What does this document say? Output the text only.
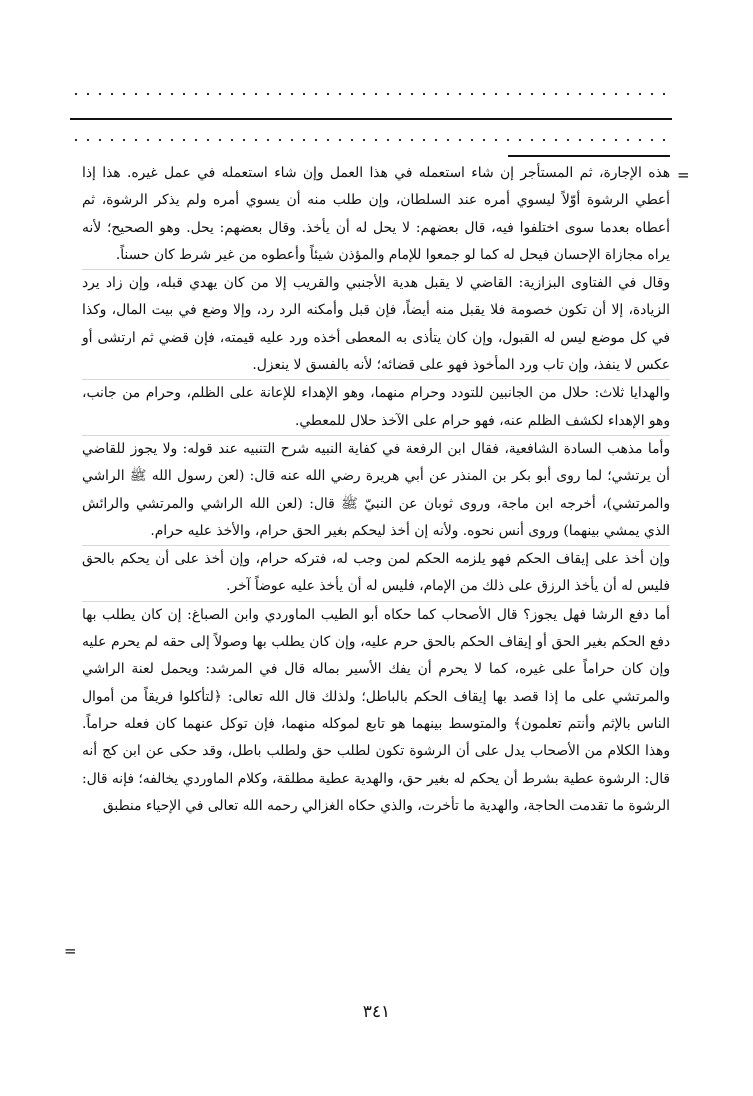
=

هذه الإجارة، ثم المستأجر إن شاء استعمله في هذا العمل وإن شاء استعمله في عمل غيره. هذا إذا أعطي الرشوة أوّلاً ليسوي أمره عند السلطان، وإن طلب منه أن يسوي أمره ولم يذكر الرشوة، ثم أعطاه بعدما سوى اختلفوا فيه، قال بعضهم: لا يحل له أن يأخذ. وقال بعضهم: يحل. وهو الصحيح؛ لأنه يراه مجازاة الإحسان فيحل له كما لو جمعوا للإمام والمؤذن شيئاً وأعطوه من غير شرط كان حسناً.

وقال في الفتاوى البزازية: القاضي لا يقبل هدية الأجنبي والقريب إلا من كان يهدي قبله، وإن زاد يرد الزيادة، إلا أن تكون خصومة فلا يقبل منه أيضاً، فإن قبل وأمكنه الرد رد، وإلا وضع في بيت المال، وكذا في كل موضع ليس له القبول، وإن كان يتأذى به المعطى أخذه ورد عليه قيمته، فإن قضي ثم ارتشى أو عكس لا ينفذ، وإن تاب ورد المأخوذ فهو على قضائه؛ لأنه بالفسق لا ينعزل.

والهدايا ثلاث: حلال من الجانبين للتودد وحرام منهما، وهو الإهداء للإعانة على الظلم، وحرام من جانب، وهو الإهداء لكشف الظلم عنه، فهو حرام على الآخذ حلال للمعطي.

وأما مذهب السادة الشافعية، فقال ابن الرفعة في كفاية النبيه شرح التنبيه عند قوله: ولا يجوز للقاضي أن يرتشي؛ لما روى أبو بكر بن المنذر عن أبي هريرة رضي الله عنه قال: (لعن رسول الله ﷺ الراشي والمرتشي)، أخرجه ابن ماجة، وروى ثوبان عن النبيّ ﷺ قال: (لعن الله الراشي والمرتشي والرائش الذي يمشي بينهما) وروى أنس نحوه. ولأنه إن أخذ ليحكم بغير الحق حرام، والأخذ عليه حرام.

وإن أخذ على إيقاف الحكم فهو يلزمه الحكم لمن وجب له، فتركه حرام، وإن أخذ على أن يحكم بالحق فليس له أن يأخذ الرزق على ذلك من الإمام، فليس له أن يأخذ عليه عوضاً آخر.

أما دفع الرشا فهل يجوز؟ قال الأصحاب كما حكاه أبو الطيب الماوردي وابن الصباغ: إن كان يطلب بها دفع الحكم بغير الحق أو إيقاف الحكم بالحق حرم عليه، وإن كان يطلب بها وصولاً إلى حقه لم يحرم عليه وإن كان حراماً على غيره، كما لا يحرم أن يفك الأسير بماله قال في المرشد: ويحمل لعنة الراشي والمرتشي على ما إذا قصد بها إيقاف الحكم بالباطل؛ ولذلك قال الله تعالى: ﴿لتأكلوا فريقاً من أموال الناس بالإثم وأنتم تعلمون﴾ والمتوسط بينهما هو تابع لموكله منهما، فإن توكل عنهما كان فعله حراماً. وهذا الكلام من الأصحاب يدل على أن الرشوة تكون لطلب حق ولطلب باطل، وقد حكى عن ابن كج أنه قال: الرشوة عطية بشرط أن يحكم له بغير حق، والهدية عطية مطلقة، وكلام الماوردي يخالفه؛ فإنه قال: الرشوة ما تقدمت الحاجة، والهدية ما تأخرت، والذي حكاه الغزالي رحمه الله تعالى في الإحياء منطبق

=
٣٤١
